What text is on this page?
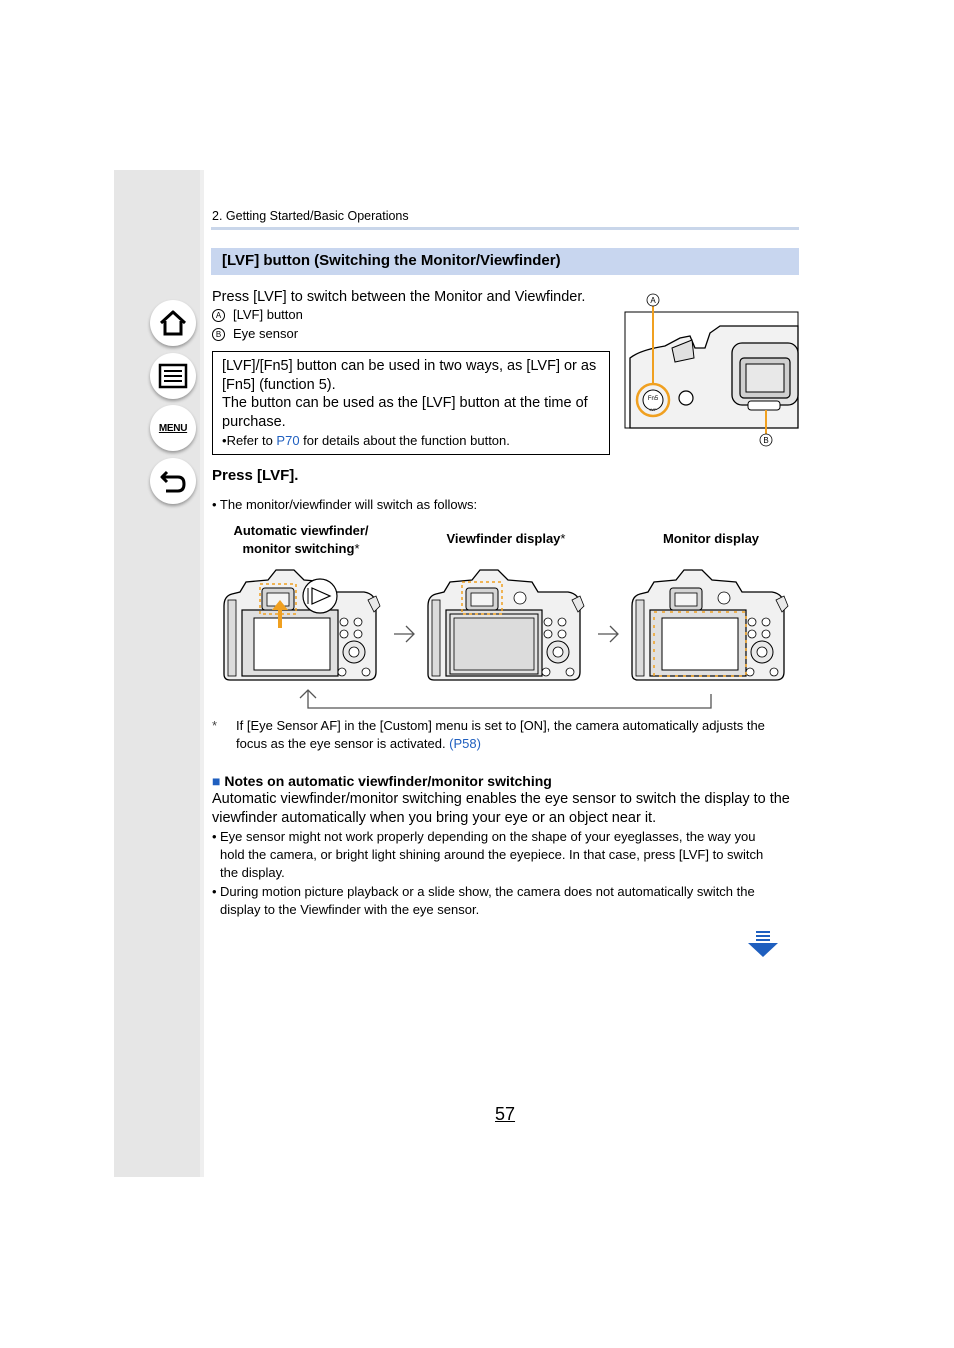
MENU
2. Getting Started/Basic Operations
[LVF] button (Switching the Monitor/Viewfinder)
Press [LVF] to switch between the Monitor and Viewfinder.
A [LVF] button
B Eye sensor
[LVF]/[Fn5] button can be used in two ways, as [LVF] or as
[Fn5] (function 5).
The button can be used as the [LVF] button at the time of
purchase.
•Refer to P70 for details about the function button.
Fn5
LVF
A
B
Press [LVF].
• The monitor/viewfinder will switch as follows:
Automatic viewfinder/
monitor switching*
Viewfinder display*	Monitor display
* If [Eye Sensor AF] in the [Custom] menu is set to [ON], the camera automatically adjusts the
focus as the eye sensor is activated. (P58)
■ Notes on automatic viewfinder/monitor switching
Automatic viewfinder/monitor switching enables the eye sensor to switch the display to the
viewfinder automatically when you bring your eye or an object near it.
• Eye sensor might not work properly depending on the shape of your eyeglasses, the way you
hold the camera, or bright light shining around the eyepiece. In that case, press [LVF] to switch
the display.
• During motion picture playback or a slide show, the camera does not automatically switch the
display to the Viewfinder with the eye sensor.
57
